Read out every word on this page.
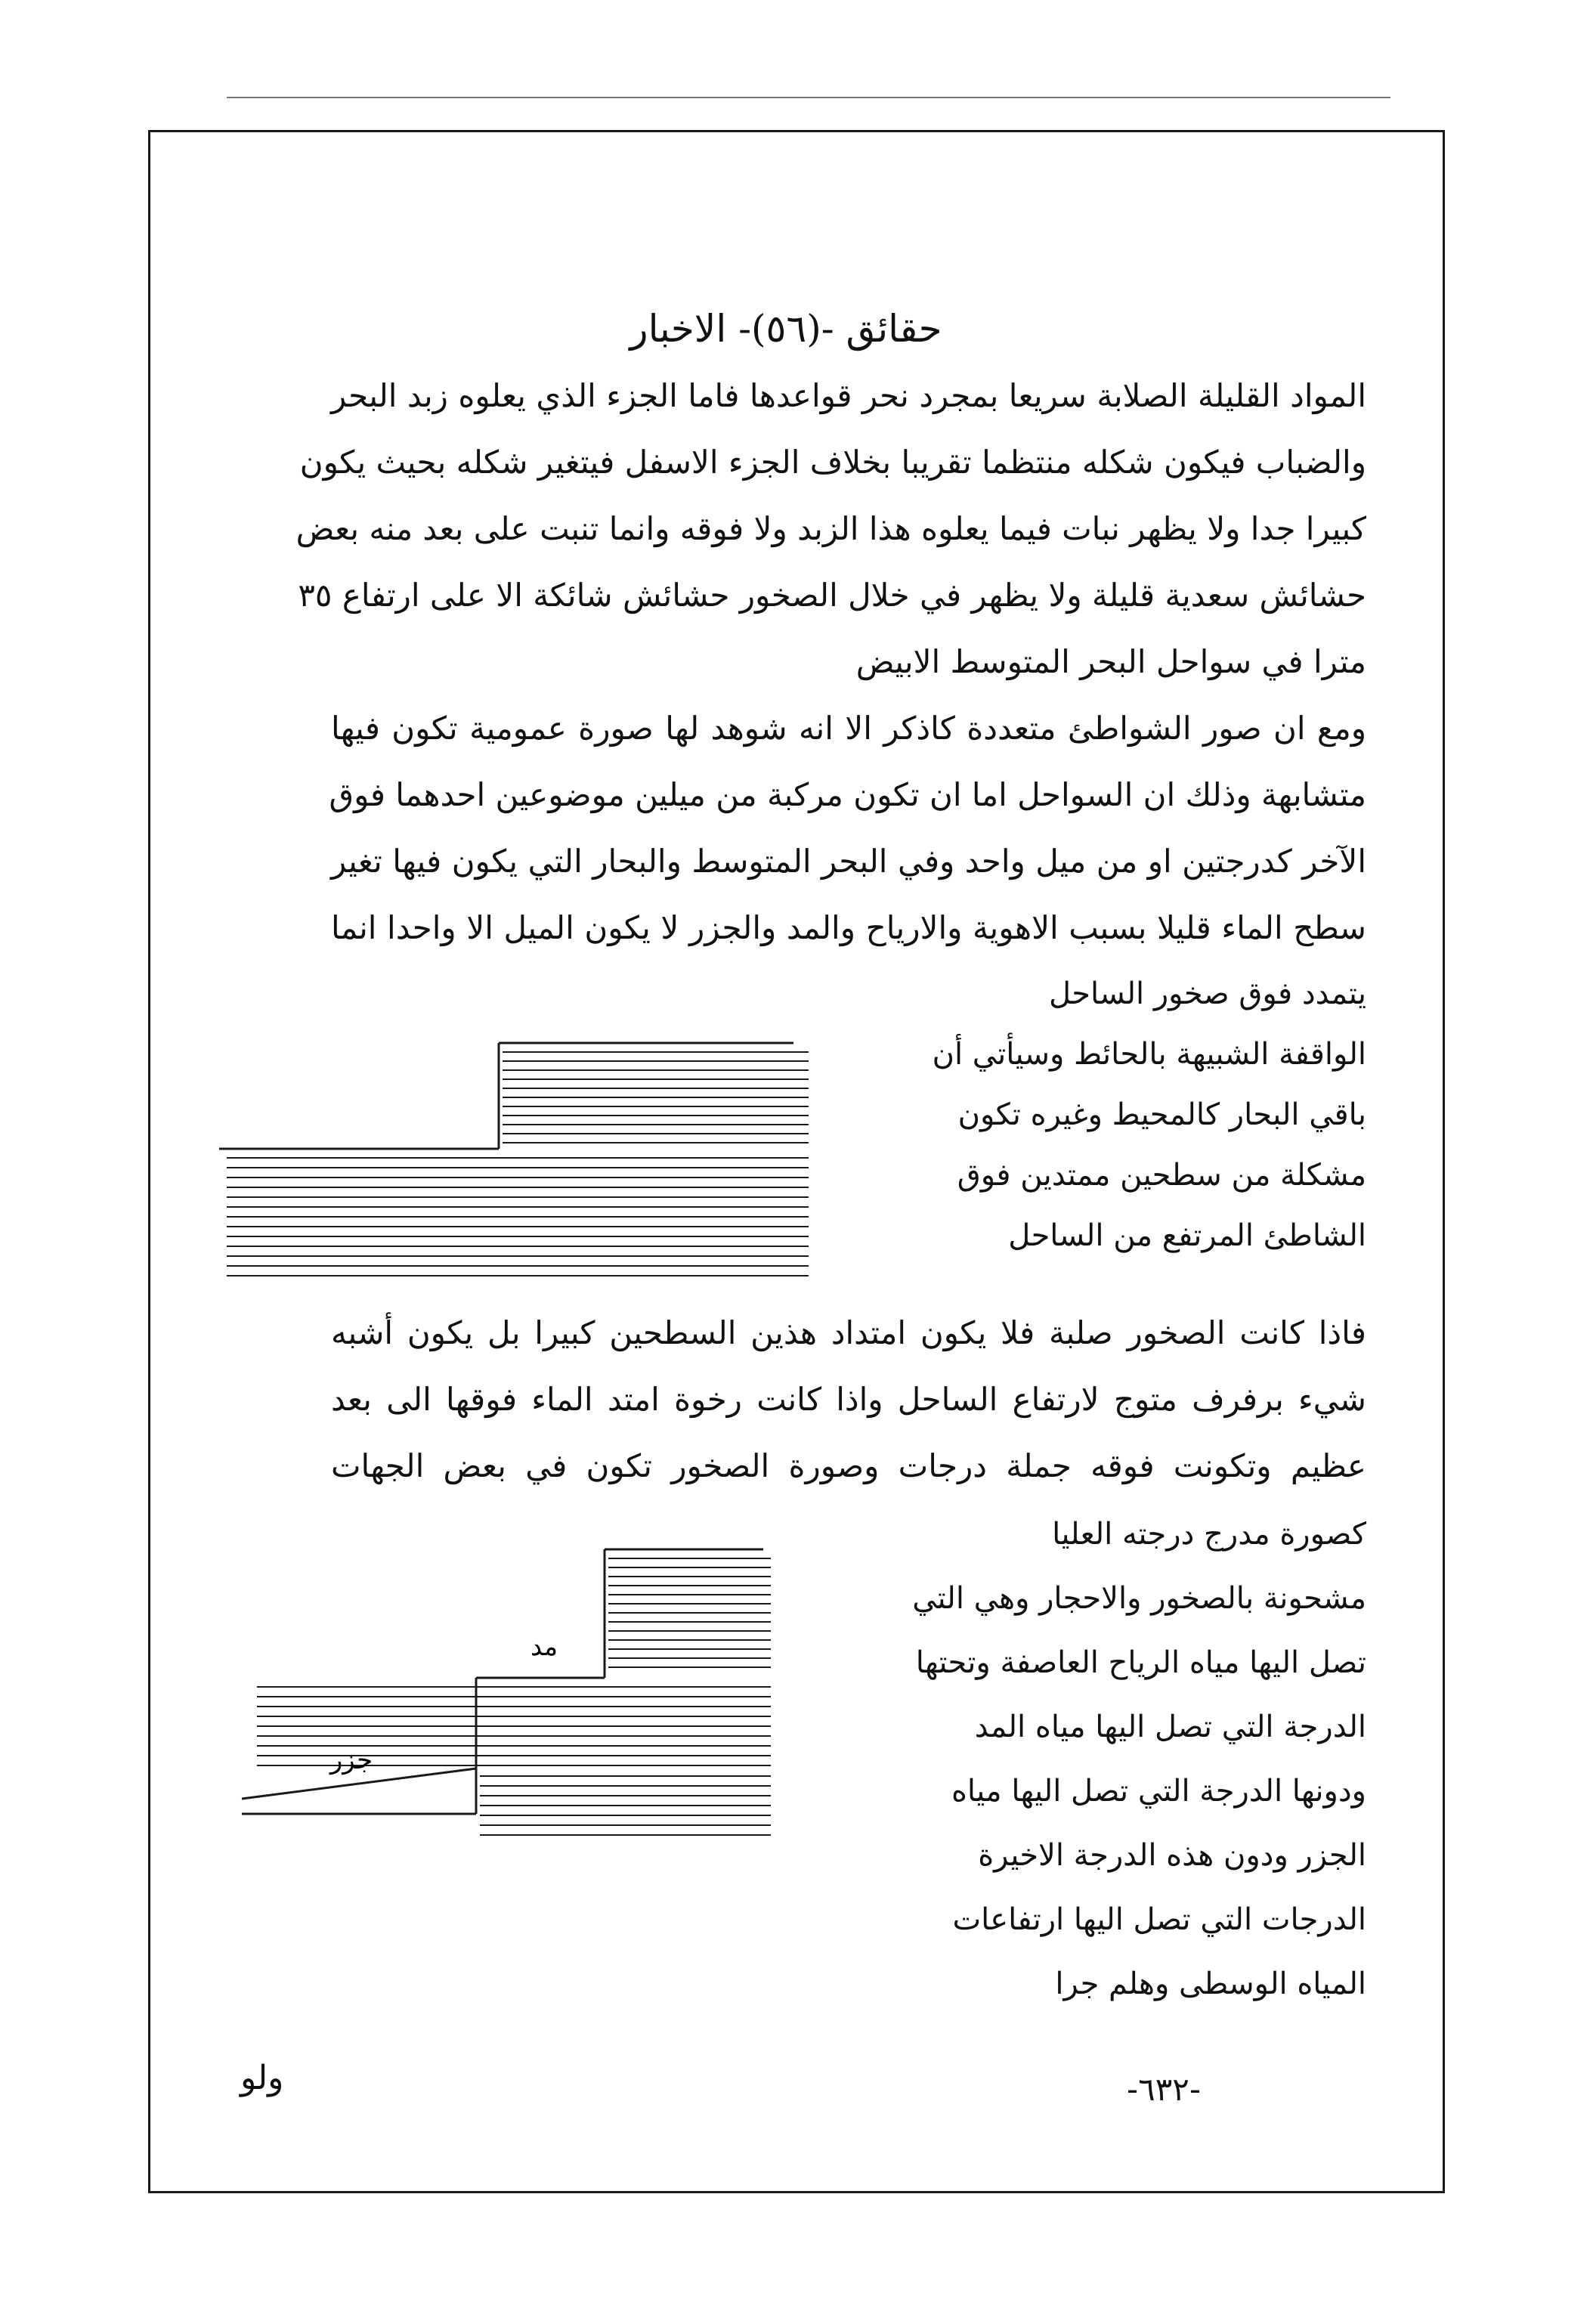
حقائق -(٥٦)- الاخبار
المواد القليلة الصلابة سريعا بمجرد نحر قواعدها فاما الجزء الذي يعلوه زبد البحر
والضباب فيكون شكله منتظما تقريبا بخلاف الجزء الاسفل فيتغير شكله بحيث يكون
كبيرا جدا ولا يظهر نبات فيما يعلوه هذا الزبد ولا فوقه وانما تنبت على بعد منه بعض
حشائش سعدية قليلة ولا يظهر في خلال الصخور حشائش شائكة الا على ارتفاع ٣٥
مترا في سواحل البحر المتوسط الابيض
ومع ان صور الشواطئ متعددة كاذكر الا انه شوهد لها صورة عمومية تكون فيها
متشابهة وذلك ان السواحل اما ان تكون مركبة من ميلين موضوعين احدهما فوق
الآخر كدرجتين او من ميل واحد وفي البحر المتوسط والبحار التي يكون فيها تغير
سطح الماء قليلا بسبب الاهوية والارياح والمد والجزر لا يكون الميل الا واحدا انما
يتمدد فوق صخور الساحل
الواقفة الشبيهة بالحائط وسيأتي أن
باقي البحار كالمحيط وغيره تكون
مشكلة من سطحين ممتدين فوق
الشاطئ المرتفع من الساحل
فاذا كانت الصخور صلبة فلا يكون امتداد هذين السطحين كبيرا بل يكون أشبه
شيء برفرف متوج لارتفاع الساحل واذا كانت رخوة امتد الماء فوقها الى بعد
عظيم وتكونت فوقه جملة درجات وصورة الصخور تكون في بعض الجهات
كصورة مدرج درجته العليا
مشحونة بالصخور والاحجار وهي التي
تصل اليها مياه الرياح العاصفة وتحتها
الدرجة التي تصل اليها مياه المد
ودونها الدرجة التي تصل اليها مياه
الجزر ودون هذه الدرجة الاخيرة
الدرجات التي تصل اليها ارتفاعات
المياه الوسطى وهلم جرا
مد
جزر
-٦٣٢-
ولو
